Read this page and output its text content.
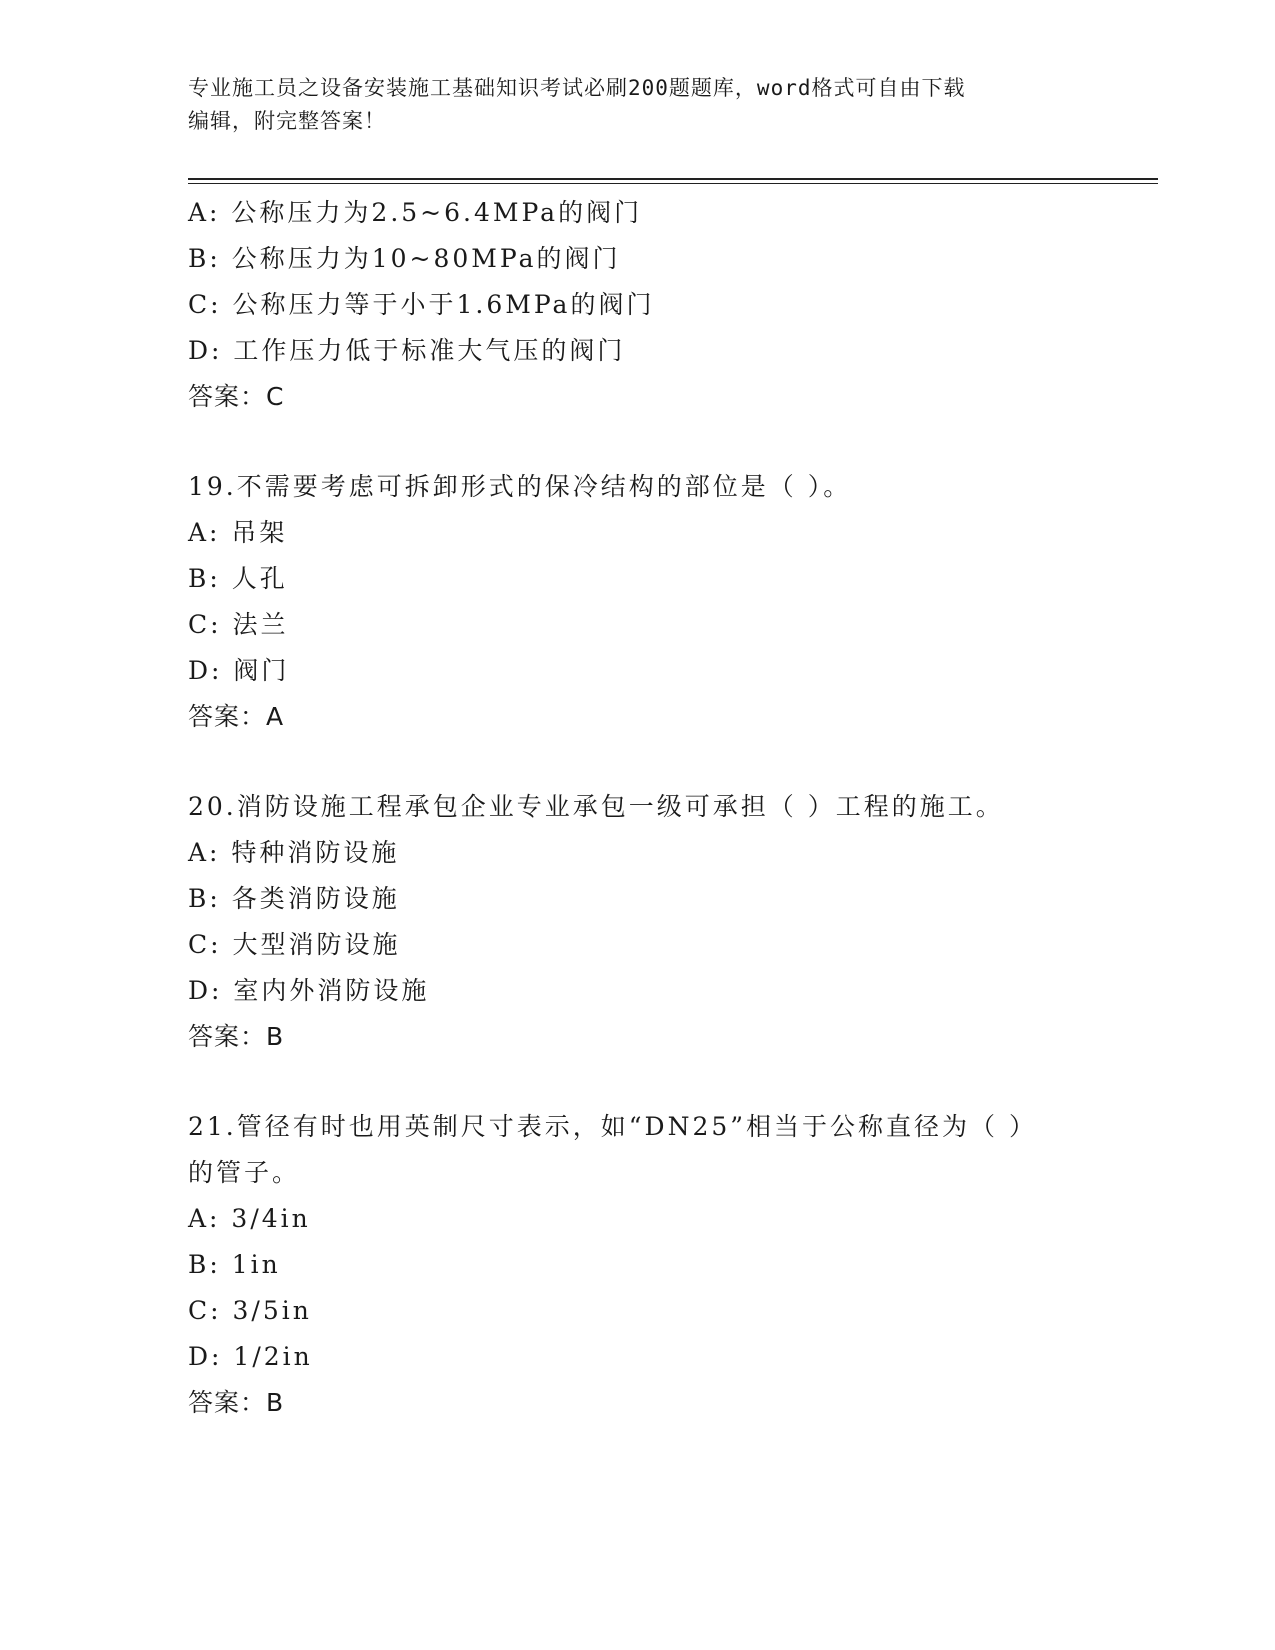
专业施工员之设备安装施工基础知识考试必刷200题题库，word格式可自由下载
编辑，附完整答案！
A: 公称压力为2.5~6.4MPa的阀门
B: 公称压力为10~80MPa的阀门
C: 公称压力等于小于1.6MPa的阀门
D: 工作压力低于标准大气压的阀门
答案：C
19.不需要考虑可拆卸形式的保冷结构的部位是（ ）。
A: 吊架
B: 人孔
C: 法兰
D: 阀门
答案：A
20.消防设施工程承包企业专业承包一级可承担（ ）工程的施工。
A: 特种消防设施
B: 各类消防设施
C: 大型消防设施
D: 室内外消防设施
答案：B
21.管径有时也用英制尺寸表示，如“DN25”相当于公称直径为（ ）
的管子。
A: 3/4in
B: 1in
C: 3/5in
D: 1/2in
答案：B
